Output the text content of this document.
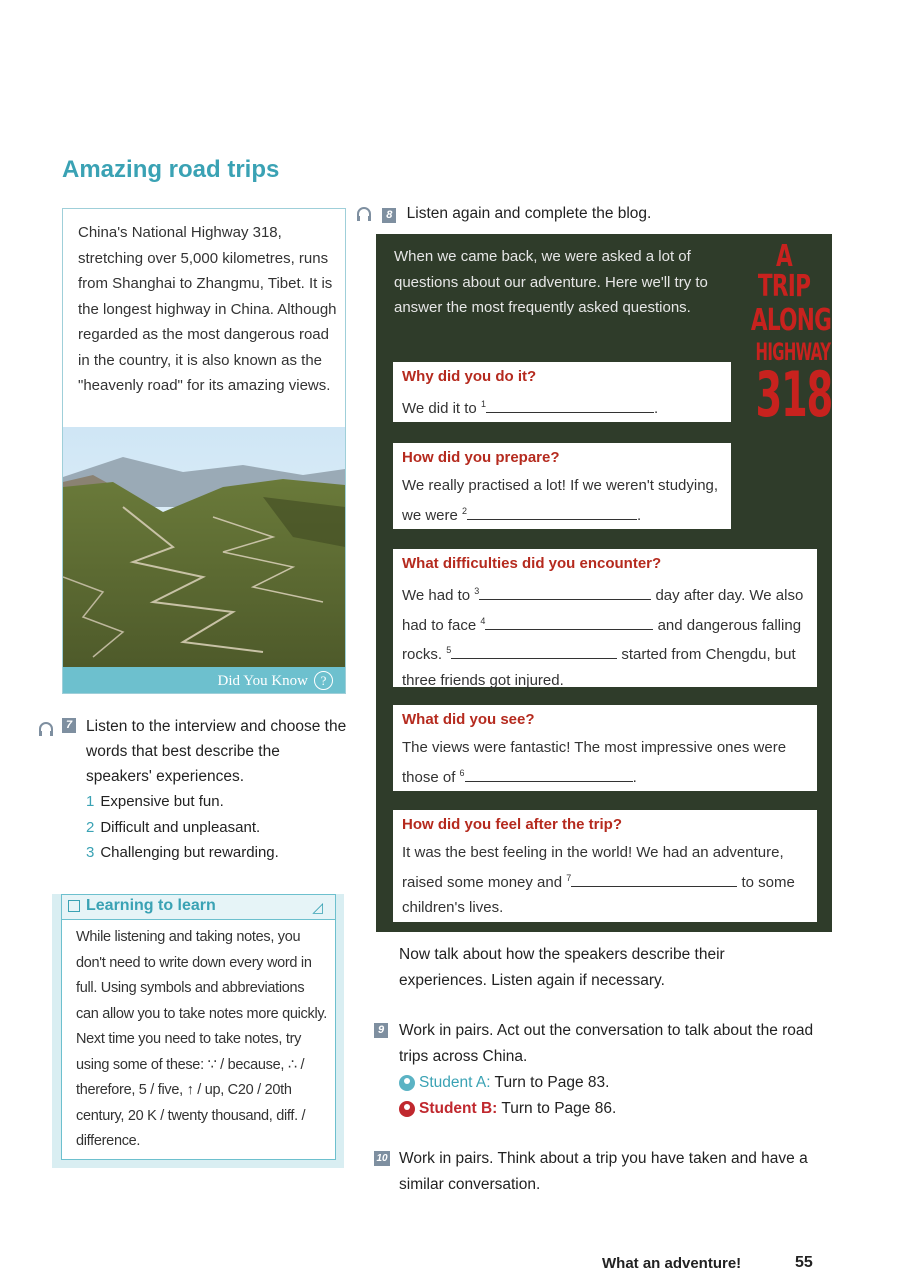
Amazing road trips
China's National Highway 318, stretching over 5,000 kilometres, runs from Shanghai to Zhangmu, Tibet. It is the longest highway in China. Although regarded as the most dangerous road in the country, it is also known as the "heavenly road" for its amazing views.
Did You Know ?
7 Listen to the interview and choose the words that best describe the speakers' experiences.
1 Expensive but fun.
2 Difficult and unpleasant.
3 Challenging but rewarding.
Learning to learn	◿
While listening and taking notes, you don't need to write down every word in full. Using symbols and abbreviations can allow you to take notes more quickly. Next time you need to take notes, try using some of these: ∵ / because, ∴ / therefore, 5 / five, ↑ / up, C20 / 20th century, 20 K / twenty thousand, diff. / difference.
8 Listen again and complete the blog.
When we came back, we were asked a lot of questions about our adventure. Here we'll try to answer the most frequently asked questions.
A TRIP
ALONG
HIGHWAY
318
Why did you do it?
We did it to $^1$	.
How did you prepare?
We really practised a lot! If we weren't studying,
we were $^2$	.
What difficulties did you encounter?
We had to $^3$	day after day. We also
had to face $^4$	and dangerous falling
rocks. $^5$	started from Chengdu, but
three friends got injured.
What did you see?
The views were fantastic! The most impressive ones were
those of $^6$	.
How did you feel after the trip?
It was the best feeling in the world! We had an adventure,
raised some money and $^7$	to some
children's lives.
Now talk about how the speakers describe their experiences. Listen again if necessary.
9 Work in pairs. Act out the conversation to talk about the road trips across China.
Student A: Turn to Page 83.
Student B: Turn to Page 86.
10 Work in pairs. Think about a trip you have taken and have a similar conversation.
What an adventure!	55
